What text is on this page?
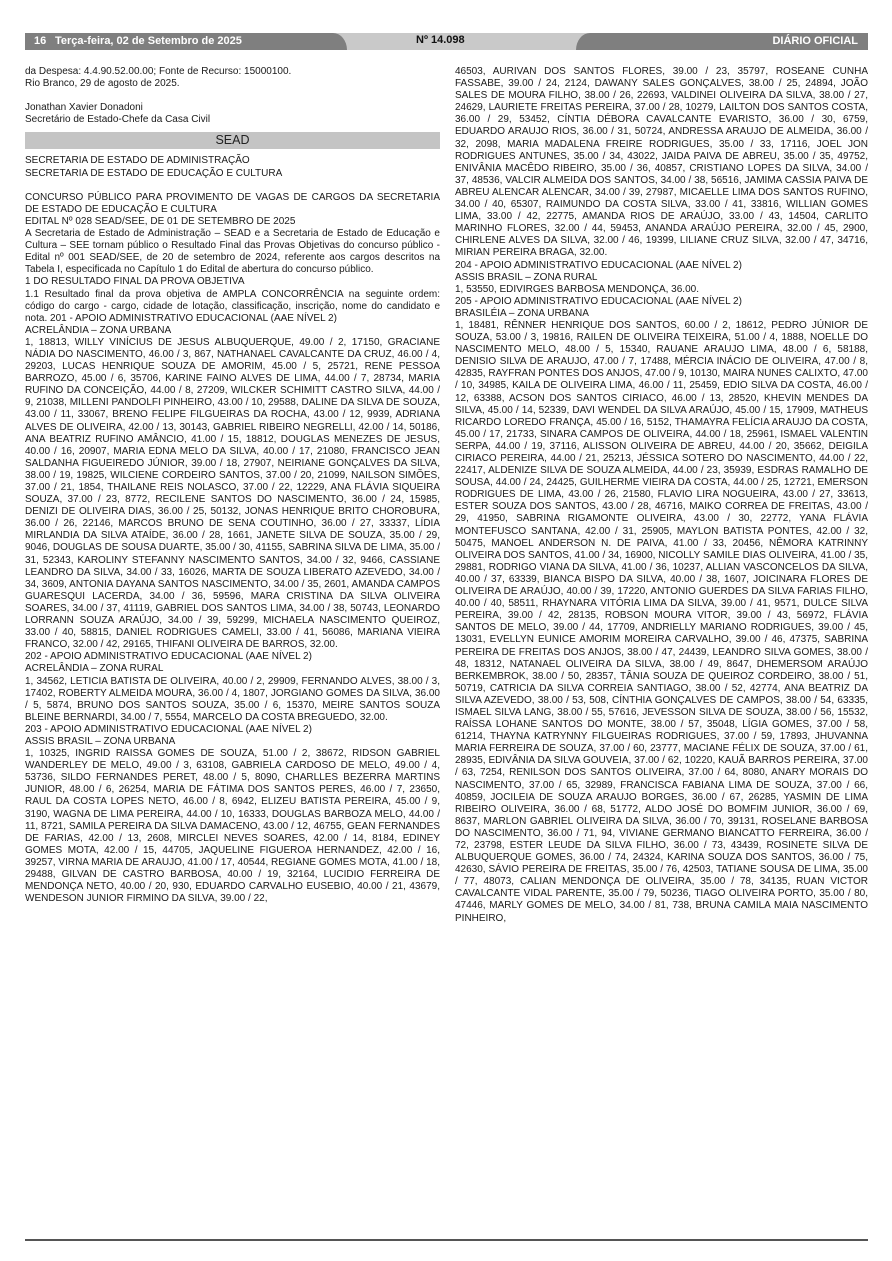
16 Terça-feira, 02 de Setembro de 2025	Nº 14.098	DIÁRIO OFICIAL

da Despesa: 4.4.90.52.00.00; Fonte de Recurso: 15000100.

Rio Branco, 29 de agosto de 2025.

Jonathan Xavier Donadoni

Secretário de Estado-Chefe da Casa Civil

SEAD

SECRETARIA DE ESTADO DE ADMINISTRAÇÃO

SECRETARIA DE ESTADO DE EDUCAÇÃO E CULTURA

CONCURSO PÚBLICO PARA PROVIMENTO DE VAGAS DE CARGOS DA SECRETARIA DE ESTADO DE EDUCAÇÃO E CULTURA

EDITAL Nº 028 SEAD/SEE, DE 01 DE SETEMBRO DE 2025

A Secretaria de Estado de Administração – SEAD e a Secretaria de Estado de Educação e Cultura – SEE tornam público o Resultado Final das Provas Objetivas do concurso público - Edital nº 001 SEAD/SEE, de 20 de setembro de 2024, referente aos cargos descritos na Tabela I, especificada no Capítulo 1 do Edital de abertura do concurso público.

1 DO RESULTADO FINAL DA PROVA OBJETIVA

1.1 Resultado final da prova objetiva de AMPLA CONCORRÊNCIA na seguinte ordem: código do cargo - cargo, cidade de lotação, classificação, inscrição, nome do candidato e nota. 201 - APOIO ADMINISTRATIVO EDUCACIONAL (AAE NÍVEL 2)

ACRELÂNDIA – ZONA URBANA

1, 18813, WILLY VINÍCIUS DE JESUS ALBUQUERQUE, 49.00 / 2, 17150, GRACIANE NÁDIA DO NASCIMENTO, 46.00 / 3, 867, NATHANAEL CAVALCANTE DA CRUZ, 46.00 / 4, 29203, LUCAS HENRIQUE SOUZA DE AMORIM, 45.00 / 5, 25721, RENE PESSOA BARROZO, 45.00 / 6, 35706, KARINE FAINO ALVES DE LIMA, 44.00 / 7, 28734, MARIA RUFINO DA CONCEIÇÃO, 44.00 / 8, 27209, WILCKER SCHIMITT CASTRO SILVA, 44.00 / 9, 21038, MILLENI PANDOLFI PINHEIRO, 43.00 / 10, 29588, DALINE DA SILVA DE SOUZA, 43.00 / 11, 33067, BRENO FELIPE FILGUEIRAS DA ROCHA, 43.00 / 12, 9939, ADRIANA ALVES DE OLIVEIRA, 42.00 / 13, 30143, GABRIEL RIBEIRO NEGRELLI, 42.00 / 14, 50186, ANA BEATRIZ RUFINO AMÂNCIO, 41.00 / 15, 18812, DOUGLAS MENEZES DE JESUS, 40.00 / 16, 20907, MARIA EDNA MELO DA SILVA, 40.00 / 17, 21080, FRANCISCO JEAN SALDANHA FIGUEIREDO JÚNIOR, 39.00 / 18, 27907, NEIRIANE GONÇALVES DA SILVA, 38.00 / 19, 19825, WILCIENE CORDEIRO SANTOS, 37.00 / 20, 21099, NAILSON SIMÕES, 37.00 / 21, 1854, THAILANE REIS NOLASCO, 37.00 / 22, 12229, ANA FLÁVIA SIQUEIRA SOUZA, 37.00 / 23, 8772, RECILENE SANTOS DO NASCIMENTO, 36.00 / 24, 15985, DENIZI DE OLIVEIRA DIAS, 36.00 / 25, 50132, JONAS HENRIQUE BRITO CHOROBURA, 36.00 / 26, 22146, MARCOS BRUNO DE SENA COUTINHO, 36.00 / 27, 33337, LÍDIA MIRLANDIA DA SILVA ATAÍDE, 36.00 / 28, 1661, JANETE SILVA DE SOUZA, 35.00 / 29, 9046, DOUGLAS DE SOUSA DUARTE, 35.00 / 30, 41155, SABRINA SILVA DE LIMA, 35.00 / 31, 52343, KAROLINY STEFANNY NASCIMENTO SANTOS, 34.00 / 32, 9466, CASSIANE LEANDRO DA SILVA, 34.00 / 33, 16026, MARTA DE SOUZA LIBERATO AZEVEDO, 34.00 / 34, 3609, ANTONIA DAYANA SANTOS NASCIMENTO, 34.00 / 35, 2601, AMANDA CAMPOS GUARESQUI LACERDA, 34.00 / 36, 59596, MARA CRISTINA DA SILVA OLIVEIRA SOARES, 34.00 / 37, 41119, GABRIEL DOS SANTOS LIMA, 34.00 / 38, 50743, LEONARDO LORRANN SOUZA ARAÚJO, 34.00 / 39, 59299, MICHAELA NASCIMENTO QUEIROZ, 33.00 / 40, 58815, DANIEL RODRIGUES CAMELI, 33.00 / 41, 56086, MARIANA VIEIRA FRANCO, 32.00 / 42, 29165, THIFANI OLIVEIRA DE BARROS, 32.00.

202 - APOIO ADMINISTRATIVO EDUCACIONAL (AAE NÍVEL 2)

ACRELÂNDIA – ZONA RURAL

1, 34562, LETICIA BATISTA DE OLIVEIRA, 40.00 / 2, 29909, FERNANDO ALVES, 38.00 / 3, 17402, ROBERTY ALMEIDA MOURA, 36.00 / 4, 1807, JORGIANO GOMES DA SILVA, 36.00 / 5, 5874, BRUNO DOS SANTOS SOUZA, 35.00 / 6, 15370, MEIRE SANTOS SOUZA BLEINE BERNARDI, 34.00 / 7, 5554, MARCELO DA COSTA BREGUEDO, 32.00.

203 - APOIO ADMINISTRATIVO EDUCACIONAL (AAE NÍVEL 2)

ASSIS BRASIL – ZONA URBANA

1, 10325, INGRID RAISSA GOMES DE SOUZA, 51.00 / 2, 38672, RIDSON GABRIEL WANDERLEY DE MELO, 49.00 / 3, 63108, GABRIELA CARDOSO DE MELO, 49.00 / 4, 53736, SILDO FERNANDES PERET, 48.00 / 5, 8090, CHARLLES BEZERRA MARTINS JUNIOR, 48.00 / 6, 26254, MARIA DE FÁTIMA DOS SANTOS PERES, 46.00 / 7, 23650, RAUL DA COSTA LOPES NETO, 46.00 / 8, 6942, ELIZEU BATISTA PEREIRA, 45.00 / 9, 3190, WAGNA DE LIMA PEREIRA, 44.00 / 10, 16333, DOUGLAS BARBOZA MELO, 44.00 / 11, 8721, SAMILA PEREIRA DA SILVA DAMACENO, 43.00 / 12, 46755, GEAN FERNANDES DE FARIAS, 42.00 / 13, 2608, MIRCLEI NEVES SOARES, 42.00 / 14, 8184, EDINEY GOMES MOTA, 42.00 / 15, 44705, JAQUELINE FIGUEROA HERNANDEZ, 42.00 / 16, 39257, VIRNA MARIA DE ARAUJO, 41.00 / 17, 40544, REGIANE GOMES MOTA, 41.00 / 18, 29488, GILVAN DE CASTRO BARBOSA, 40.00 / 19, 32164, LUCIDIO FERREIRA DE MENDONÇA NETO, 40.00 / 20, 930, EDUARDO CARVALHO EUSEBIO, 40.00 / 21, 43679, WENDESON JUNIOR FIRMINO DA SILVA, 39.00 / 22,

46503, AURIVAN DOS SANTOS FLORES, 39.00 / 23, 35797, ROSEANE CUNHA FASSABE, 39.00 / 24, 2124, DAWANY SALES GONÇALVES, 38.00 / 25, 24894, JOÃO SALES DE MOURA FILHO, 38.00 / 26, 22693, VALDINEI OLIVEIRA DA SILVA, 38.00 / 27, 24629, LAURIETE FREITAS PEREIRA, 37.00 / 28, 10279, LAILTON DOS SANTOS COSTA, 36.00 / 29, 53452, CÍNTIA DÉBORA CAVALCANTE EVARISTO, 36.00 / 30, 6759, EDUARDO ARAUJO RIOS, 36.00 / 31, 50724, ANDRESSA ARAUJO DE ALMEIDA, 36.00 / 32, 2098, MARIA MADALENA FREIRE RODRIGUES, 35.00 / 33, 17116, JOEL JON RODRIGUES ANTUNES, 35.00 / 34, 43022, JAIDA PAIVA DE ABREU, 35.00 / 35, 49752, ENIVÂNIA MACÊDO RIBEIRO, 35.00 / 36, 40857, CRISTIANO LOPES DA SILVA, 34.00 / 37, 48536, VALCIR ALMEIDA DOS SANTOS, 34.00 / 38, 56516, JAMIMA CASSIA PAIVA DE ABREU ALENCAR ALENCAR, 34.00 / 39, 27987, MICAELLE LIMA DOS SANTOS RUFINO, 34.00 / 40, 65307, RAIMUNDO DA COSTA SILVA, 33.00 / 41, 33816, WILLIAN GOMES LIMA, 33.00 / 42, 22775, AMANDA RIOS DE ARAÚJO, 33.00 / 43, 14504, CARLITO MARINHO FLORES, 32.00 / 44, 59453, ANANDA ARAÚJO PEREIRA, 32.00 / 45, 2900, CHIRLENE ALVES DA SILVA, 32.00 / 46, 19399, LILIANE CRUZ SILVA, 32.00 / 47, 34716, MIRIAN PEREIRA BRAGA, 32.00.

204 - APOIO ADMINISTRATIVO EDUCACIONAL (AAE NÍVEL 2)

ASSIS BRASIL – ZONA RURAL

1, 53550, EDIVIRGES BARBOSA MENDONÇA, 36.00.

205 - APOIO ADMINISTRATIVO EDUCACIONAL (AAE NÍVEL 2)

BRASILÉIA – ZONA URBANA

1, 18481, RÊNNER HENRIQUE DOS SANTOS, 60.00 / 2, 18612, PEDRO JÚNIOR DE SOUZA, 53.00 / 3, 19816, RAILEN DE OLIVEIRA TEIXEIRA, 51.00 / 4, 1888, NOELLE DO NASCIMENTO MELO, 48.00 / 5, 15340, RAUANE ARAUJO LIMA, 48.00 / 6, 58188, DENISIO SILVA DE ARAUJO, 47.00 / 7, 17488, MÉRCIA INÁCIO DE OLIVEIRA, 47.00 / 8, 42835, RAYFRAN PONTES DOS ANJOS, 47.00 / 9, 10130, MAIRA NUNES CALIXTO, 47.00 / 10, 34985, KAILA DE OLIVEIRA LIMA, 46.00 / 11, 25459, EDIO SILVA DA COSTA, 46.00 / 12, 63388, ACSON DOS SANTOS CIRIACO, 46.00 / 13, 28520, KHEVIN MENDES DA SILVA, 45.00 / 14, 52339, DAVI WENDEL DA SILVA ARAÚJO, 45.00 / 15, 17909, MATHEUS RICARDO LOREDO FRANÇA, 45.00 / 16, 5152, THAMAYRA FELÍCIA ARAUJO DA COSTA, 45.00 / 17, 21733, SINARA CAMPOS DE OLIVEIRA, 44.00 / 18, 25961, ISMAEL VALENTIN SERPA, 44.00 / 19, 37116, ALISSON OLIVEIRA DE ABREU, 44.00 / 20, 35662, DEIGILA CIRIACO PEREIRA, 44.00 / 21, 25213, JÉSSICA SOTERO DO NASCIMENTO, 44.00 / 22, 22417, ALDENIZE SILVA DE SOUZA ALMEIDA, 44.00 / 23, 35939, ESDRAS RAMALHO DE SOUSA, 44.00 / 24, 24425, GUILHERME VIEIRA DA COSTA, 44.00 / 25, 12721, EMERSON RODRIGUES DE LIMA, 43.00 / 26, 21580, FLAVIO LIRA NOGUEIRA, 43.00 / 27, 33613, ESTER SOUZA DOS SANTOS, 43.00 / 28, 46716, MAIKO CORREA DE FREITAS, 43.00 / 29, 41950, SABRINA RIGAMONTE OLIVEIRA, 43.00 / 30, 22772, YANA FLÁVIA MONTEFUSCO SANTANA, 42.00 / 31, 25905, MAYLON BATISTA PONTES, 42.00 / 32, 50475, MANOEL ANDERSON N. DE PAIVA, 41.00 / 33, 20456, NÊMORA KATRINNY OLIVEIRA DOS SANTOS, 41.00 / 34, 16900, NICOLLY SAMILE DIAS OLIVEIRA, 41.00 / 35, 29881, RODRIGO VIANA DA SILVA, 41.00 / 36, 10237, ALLIAN VASCONCELOS DA SILVA, 40.00 / 37, 63339, BIANCA BISPO DA SILVA, 40.00 / 38, 1607, JOICINARA FLORES DE OLIVEIRA DE ARAÚJO, 40.00 / 39, 17220, ANTONIO GUERDES DA SILVA FARIAS FILHO, 40.00 / 40, 58511, RHAYNARA VITÓRIA LIMA DA SILVA, 39.00 / 41, 9571, DULCE SILVA PEREIRA, 39.00 / 42, 28135, ROBSON MOURA VITOR, 39.00 / 43, 56972, FLÁVIA SANTOS DE MELO, 39.00 / 44, 17709, ANDRIELLY MARIANO RODRIGUES, 39.00 / 45, 13031, EVELLYN EUNICE AMORIM MOREIRA CARVALHO, 39.00 / 46, 47375, SABRINA PEREIRA DE FREITAS DOS ANJOS, 38.00 / 47, 24439, LEANDRO SILVA GOMES, 38.00 / 48, 18312, NATANAEL OLIVEIRA DA SILVA, 38.00 / 49, 8647, DHEMERSOM ARAÚJO BERKEMBROK, 38.00 / 50, 28357, TÂNIA SOUZA DE QUEIROZ CORDEIRO, 38.00 / 51, 50719, CATRICIA DA SILVA CORREIA SANTIAGO, 38.00 / 52, 42774, ANA BEATRIZ DA SILVA AZEVEDO, 38.00 / 53, 508, CÍNTHIA GONÇALVES DE CAMPOS, 38.00 / 54, 63335, ISMAEL SILVA LANG, 38.00 / 55, 57616, JEVESSON SILVA DE SOUZA, 38.00 / 56, 15532, RAÍSSA LOHANE SANTOS DO MONTE, 38.00 / 57, 35048, LÍGIA GOMES, 37.00 / 58, 61214, THAYNA KATRYNNY FILGUEIRAS RODRIGUES, 37.00 / 59, 17893, JHUVANNA MARIA FERREIRA DE SOUZA, 37.00 / 60, 23777, MACIANE FÉLIX DE SOUZA, 37.00 / 61, 28935, EDIVÂNIA DA SILVA GOUVEIA, 37.00 / 62, 10220, KAUÃ BARROS PEREIRA, 37.00 / 63, 7254, RENILSON DOS SANTOS OLIVEIRA, 37.00 / 64, 8080, ANARY MORAIS DO NASCIMENTO, 37.00 / 65, 32989, FRANCISCA FABIANA LIMA DE SOUZA, 37.00 / 66, 40859, JOCILEIA DE SOUZA ARAUJO BORGES, 36.00 / 67, 26285, YASMIN DE LIMA RIBEIRO OLIVEIRA, 36.00 / 68, 51772, ALDO JOSÉ DO BOMFIM JUNIOR, 36.00 / 69, 8637, MARLON GABRIEL OLIVEIRA DA SILVA, 36.00 / 70, 39131, ROSELANE BARBOSA DO NASCIMENTO, 36.00 / 71, 94, VIVIANE GERMANO BIANCATTO FERREIRA, 36.00 / 72, 23798, ESTER LEUDE DA SILVA FILHO, 36.00 / 73, 43439, ROSINETE SILVA DE ALBUQUERQUE GOMES, 36.00 / 74, 24324, KARINA SOUZA DOS SANTOS, 36.00 / 75, 42630, SÁVIO PEREIRA DE FREITAS, 35.00 / 76, 42503, TATIANE SOUSA DE LIMA, 35.00 / 77, 48073, CALIAN MENDONÇA DE OLIVEIRA, 35.00 / 78, 34135, RUAN VICTOR CAVALCANTE VIDAL PARENTE, 35.00 / 79, 50236, TIAGO OLIVEIRA PORTO, 35.00 / 80, 47446, MARLY GOMES DE MELO, 34.00 / 81, 738, BRUNA CAMILA MAIA NASCIMENTO PINHEIRO,
